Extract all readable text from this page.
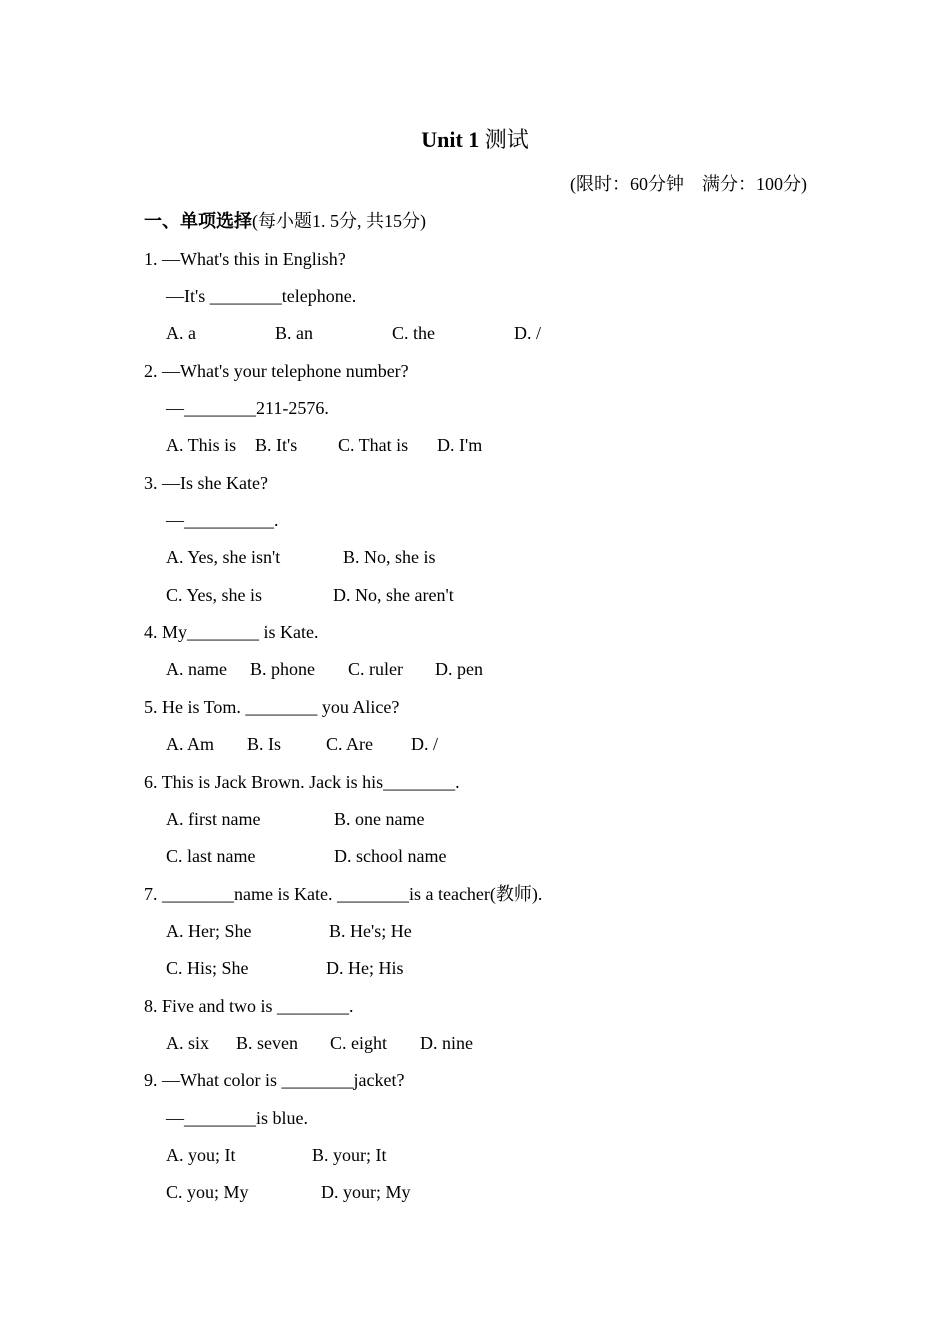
Unit 1 测试
(限时：60分钟　满分：100分)
一、单项选择(每小题1. 5分, 共15分)
1. —What's this in English?
—It's ________telephone.
A. a	B. an	C. the	D. /
2. —What's your telephone number?
—________211-2576.
A. This is B. It's C. That is D. I'm
3. —Is she Kate?
—__________.
A. Yes, she isn't	B. No, she is
C. Yes, she is	D. No, she aren't
4. My________ is Kate.
A. name B. phone C. ruler D. pen
5. He is Tom. ________ you Alice?
A. Am B. Is C. Are D. /
6. This is Jack Brown. Jack is his________.
A. first name	B. one name
C. last name	D. school name
7. ________name is Kate. ________is a teacher(教师).
A. Her; She	B. He's; He
C. His; She	D. He; His
8. Five and two is ________.
A. six B. seven C. eight D. nine
9. —What color is ________jacket?
—________is blue.
A. you; It	B. your; It
C. you; My	D. your; My
